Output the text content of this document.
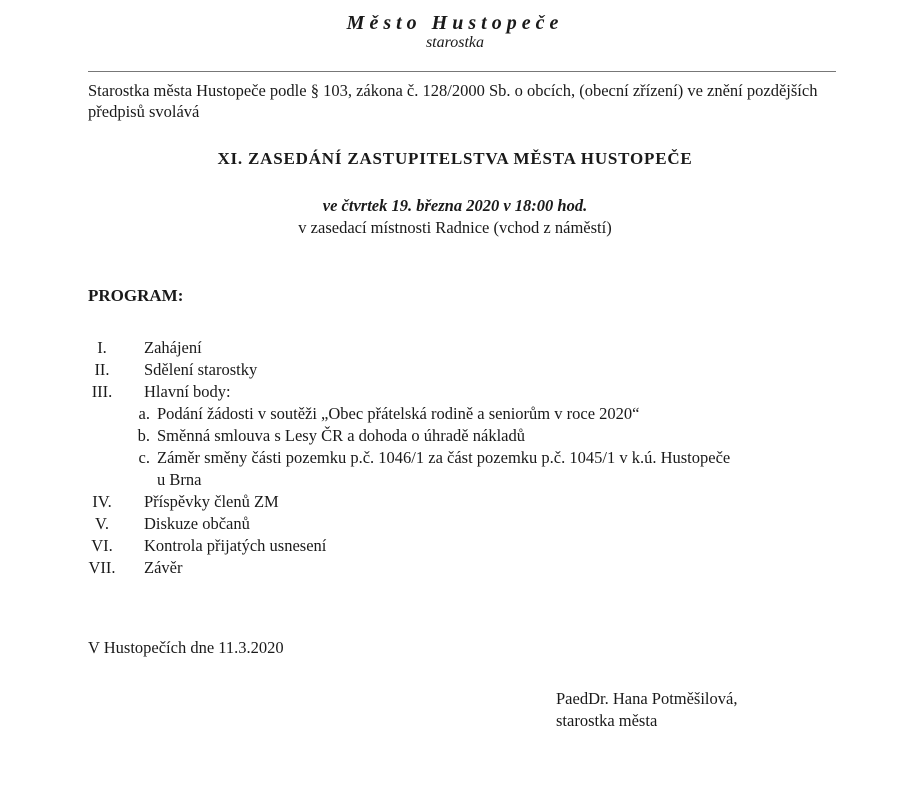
Město Hustopeče
starostka
Starostka města Hustopeče podle § 103, zákona č. 128/2000 Sb. o obcích, (obecní zřízení) ve znění pozdějších předpisů svolává
XI. ZASEDÁNÍ ZASTUPITELSTVA MĚSTA HUSTOPEČE
ve čtvrtek 19. března 2020 v 18:00 hod.
v zasedací místnosti Radnice (vchod z náměstí)
PROGRAM:
I.	Zahájení
II.	Sdělení starostky
III.	Hlavní body:
a. Podání žádosti v soutěži „Obec přátelská rodině a seniorům v roce 2020“
b. Směnná smlouva s Lesy ČR a dohoda o úhradě nákladů
c. Záměr směny části pozemku p.č. 1046/1 za část pozemku p.č. 1045/1 v k.ú. Hustopeče
u Brna
IV.	Příspěvky členů ZM
V.	Diskuze občanů
VI.	Kontrola přijatých usnesení
VII.	Závěr
V Hustopečích dne 11.3.2020
PaedDr. Hana Potměšilová,
starostka města
